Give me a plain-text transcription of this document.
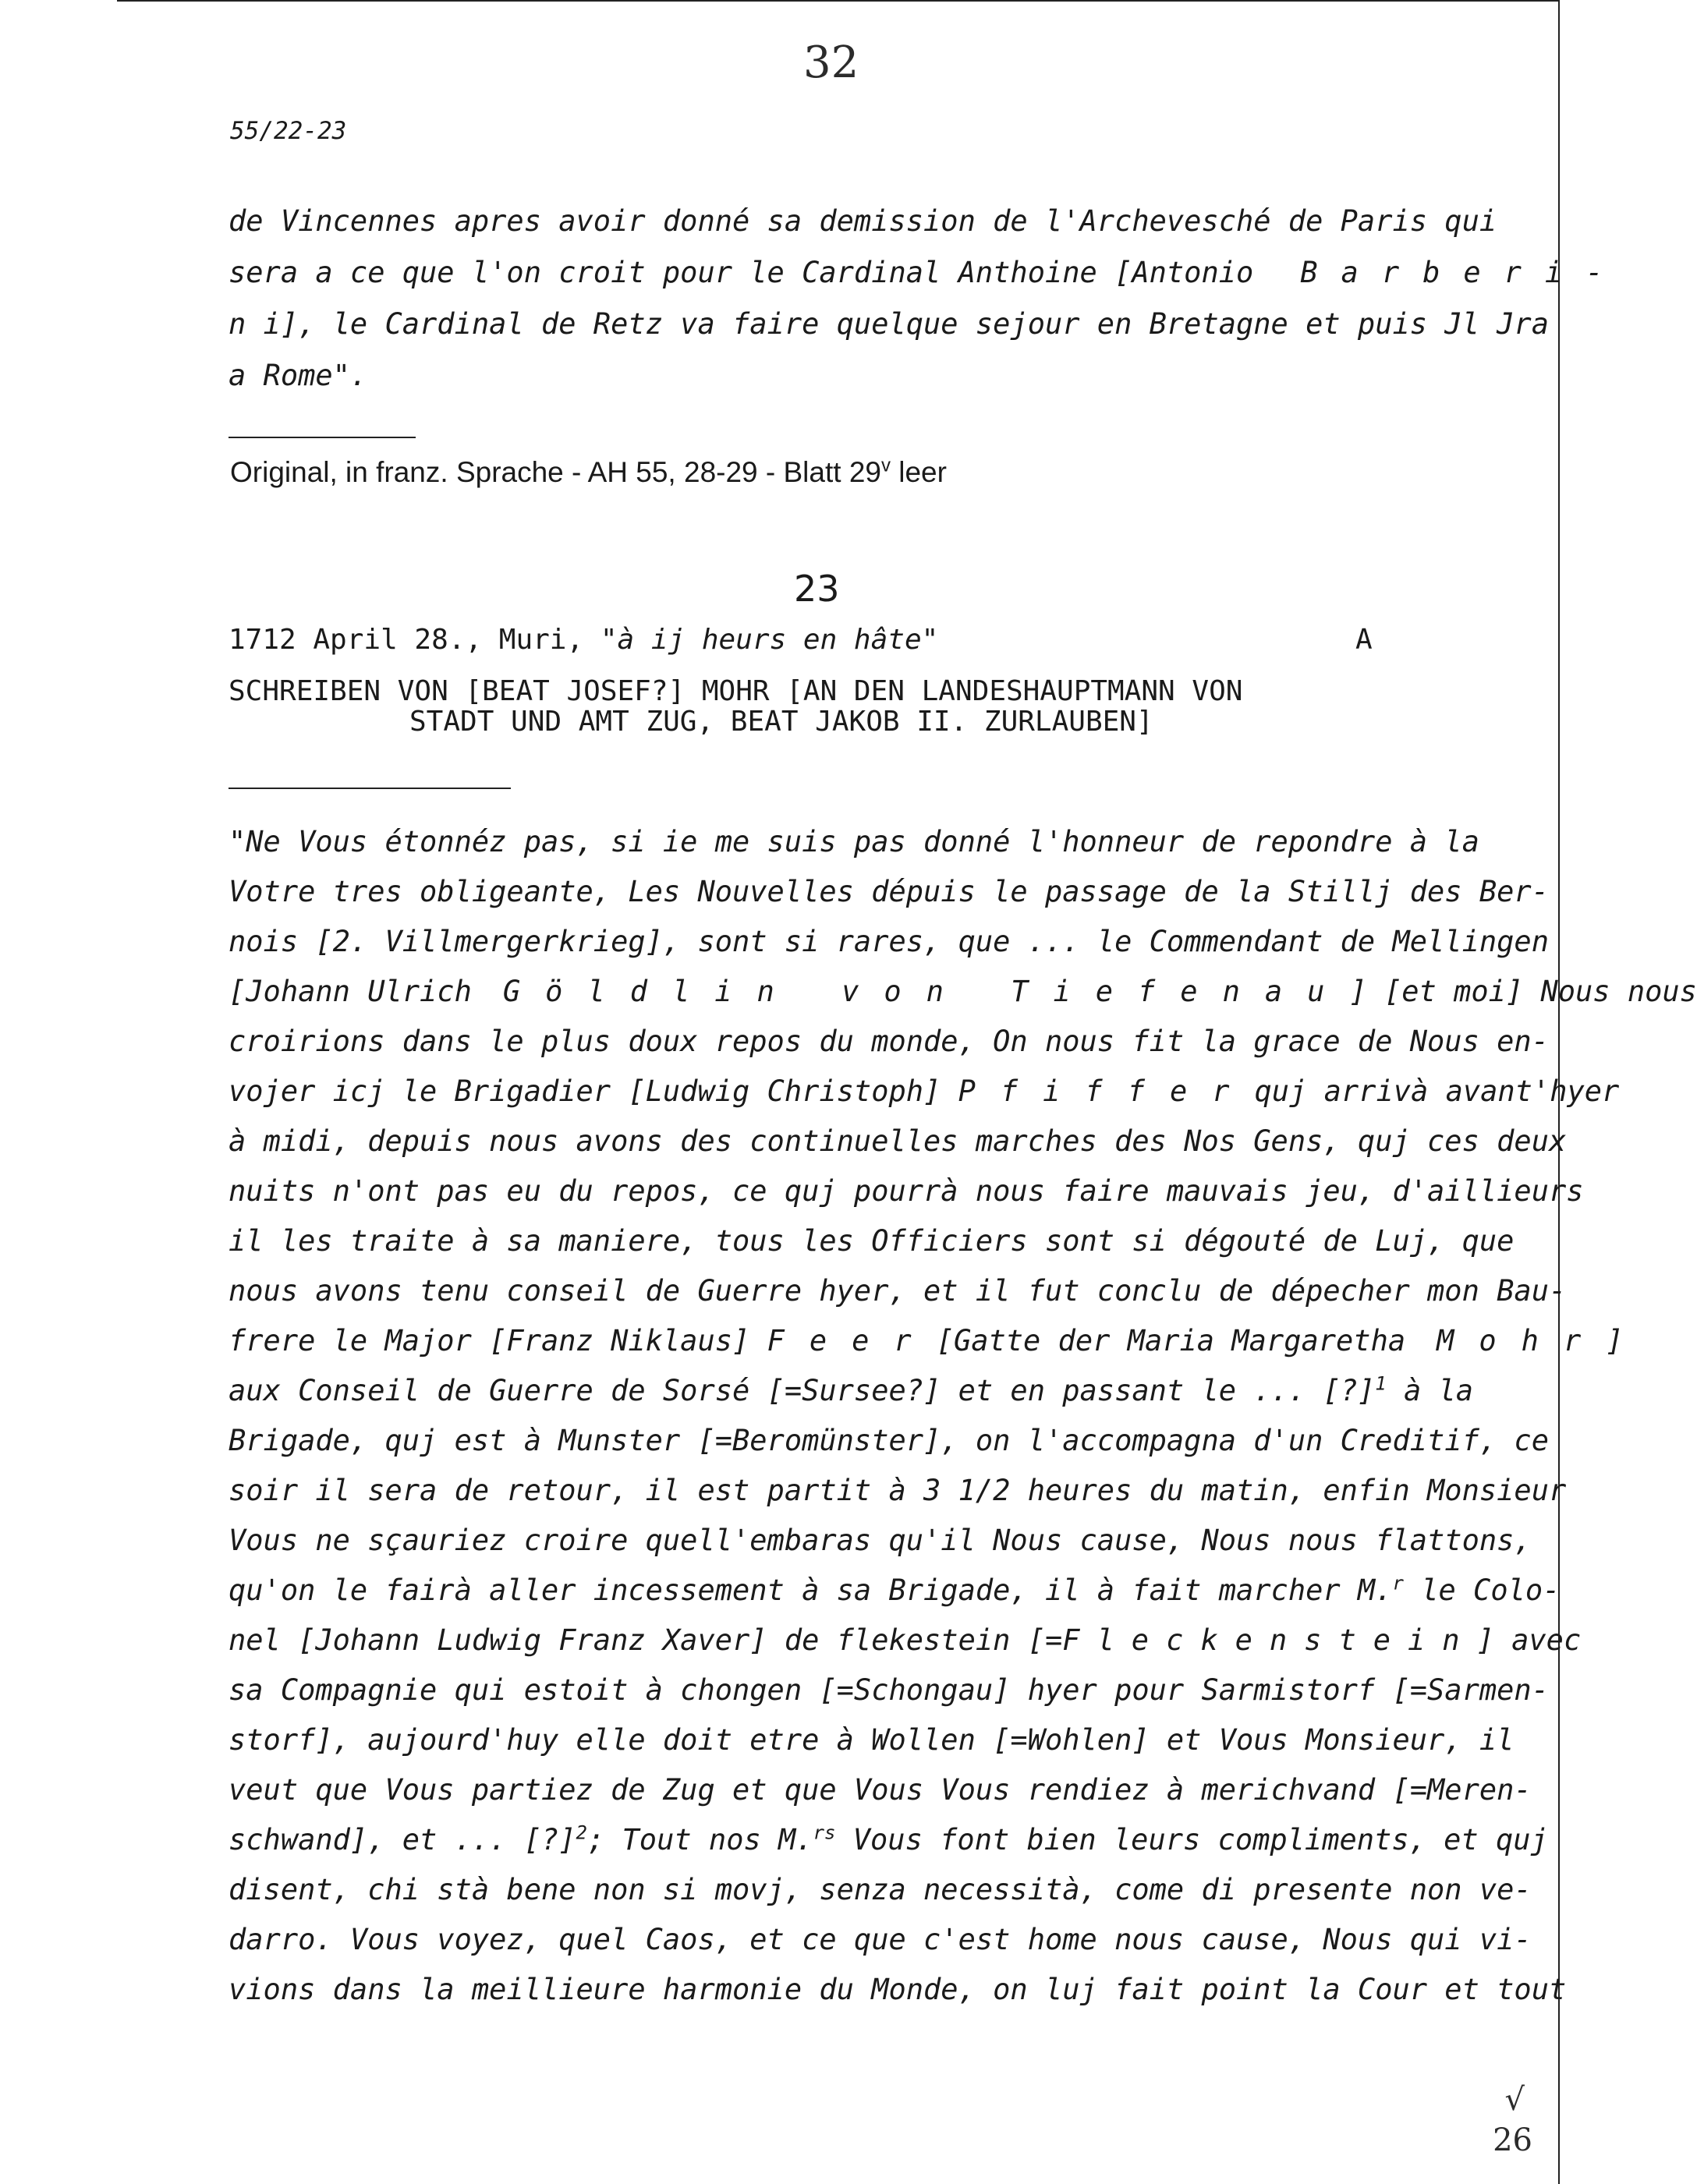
32
55/22-23
de Vincennes apres avoir donné sa demission de l'Archevesché de Paris qui
sera a ce que l'on croit pour le Cardinal Anthoine [Antonio Barberi-
n i], le Cardinal de Retz va faire quelque sejour en Bretagne et puis Jl Jra
a Rome".
Original, in franz. Sprache - AH 55, 28-29 - Blatt 29$^v$ leer
23
1712 April 28., Muri, "à ij heurs en hâte"	A
SCHREIBEN VON [BEAT JOSEF?] MOHR [AN DEN LANDESHAUPTMANN VON
STADT UND AMT ZUG, BEAT JAKOB II. ZURLAUBEN]
"Ne Vous étonnéz pas, si ie me suis pas donné l'honneur de repondre à la
Votre tres obligeante, Les Nouvelles dépuis le passage de la Stillj des Ber-
nois [2. Villmergerkrieg], sont si rares, que ... le Commendant de Mellingen
[Johann Ulrich Göldlin von Tiefenau] [et moi] Nous nous
croirions dans le plus doux repos du monde, On nous fit la grace de Nous en-
vojer icj le Brigadier [Ludwig Christoph] Pfifferquj arrivà avant'hyer
à midi, depuis nous avons des continuelles marches des Nos Gens, quj ces deux
nuits n'ont pas eu du repos, ce quj pourrà nous faire mauvais jeu, d'aillieurs
il les traite à sa maniere, tous les Officiers sont si dégouté de Luj, que
nous avons tenu conseil de Guerre hyer, et il fut conclu de dépecher mon Bau-
frere le Major [Franz Niklaus] Feer[Gatte der Maria Margaretha Mohr]
aux Conseil de Guerre de Sorsé [=Sursee?] et en passant le ... [?]$^1$ à la
Brigade, quj est à Munster [=Beromünster], on l'accompagna d'un Creditif, ce
soir il sera de retour, il est partit à 3 1/2 heures du matin, enfin Monsieur
Vous ne sçauriez croire quell'embaras qu'il Nous cause, Nous nous flattons,
qu'on le fairà aller incessement à sa Brigade, il à fait marcher M.$^r$ le Colo-
nel [Johann Ludwig Franz Xaver] de flekestein [=Fleckenstein] avec
sa Compagnie qui estoit à chongen [=Schongau] hyer pour Sarmistorf [=Sarmen-
storf], aujourd'huy elle doit etre à Wollen [=Wohlen] et Vous Monsieur, il
veut que Vous partiez de Zug et que Vous Vous rendiez à merichvand [=Meren-
schwand], et ... [?]$^2$; Tout nos M.$^{rs}$ Vous font bien leurs compliments, et quj
disent, chi stà bene non si movj, senza necessità, come di presente non ve-
darro. Vous voyez, quel Caos, et ce que c'est home nous cause, Nous qui vi-
vions dans la meillieure harmonie du Monde, on luj fait point la Cour et tout
√
26
